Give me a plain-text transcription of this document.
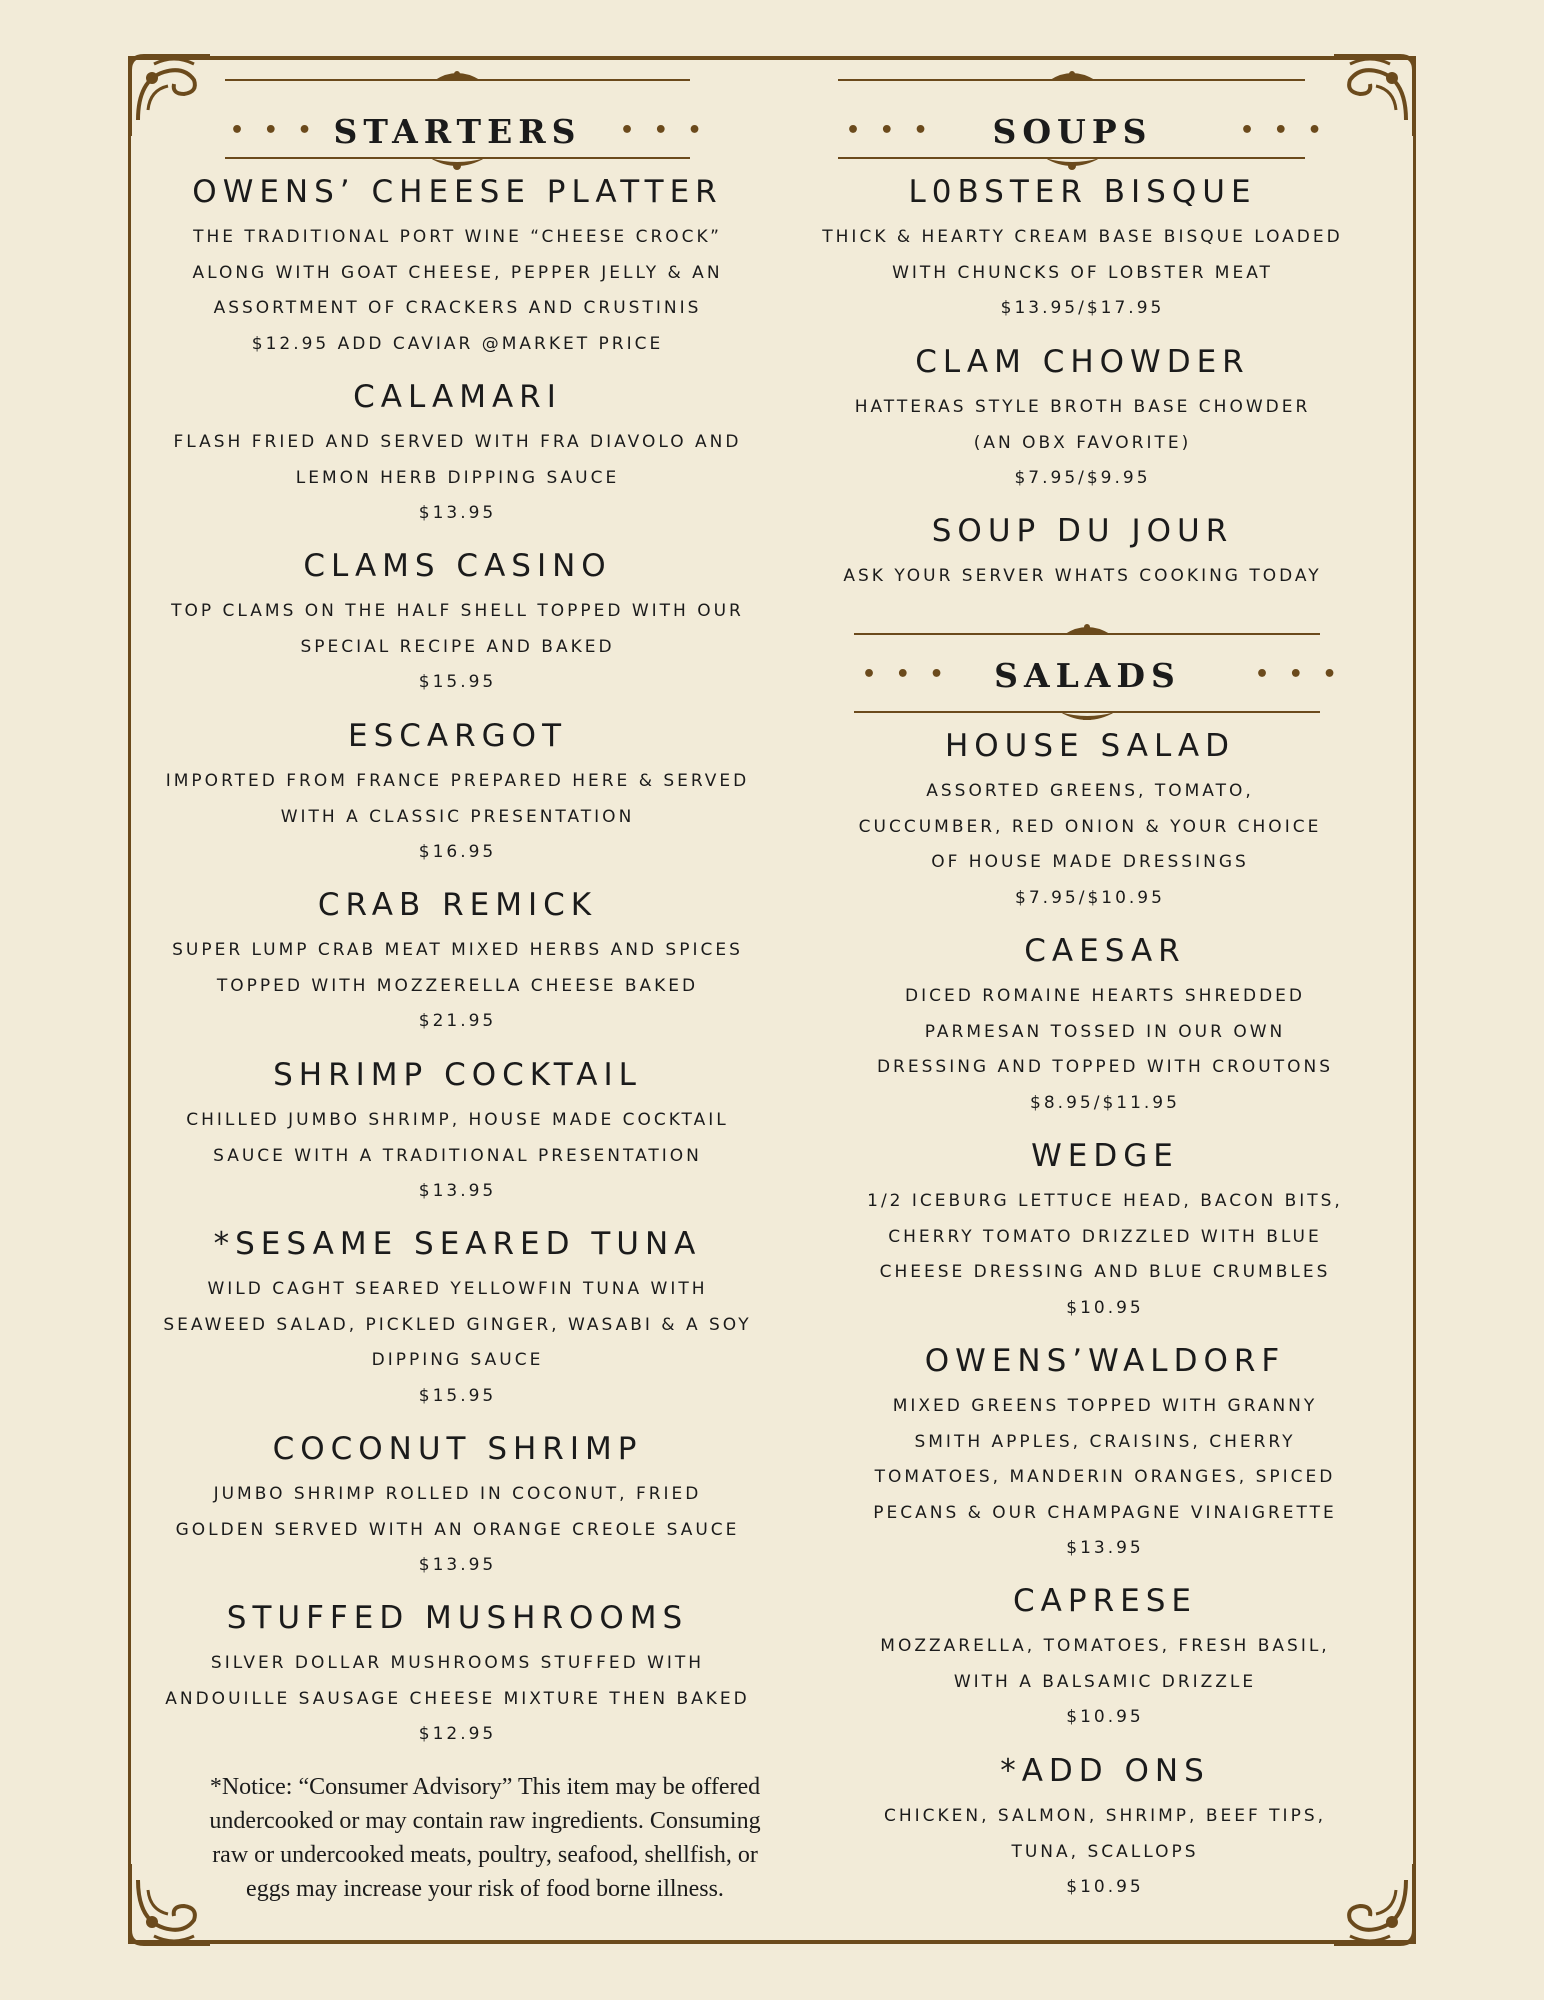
• • • STARTERS	• • •
OWENS’ CHEESE PLATTER
THE TRADITIONAL PORT WINE “CHEESE CROCK”
ALONG WITH GOAT CHEESE, PEPPER JELLY & AN
ASSORTMENT OF CRACKERS AND CRUSTINIS
$12.95 ADD CAVIAR @MARKET PRICE
CALAMARI
FLASH FRIED AND SERVED WITH FRA DIAVOLO AND
LEMON HERB DIPPING SAUCE
$13.95
CLAMS CASINO
TOP CLAMS ON THE HALF SHELL TOPPED WITH OUR
SPECIAL RECIPE AND BAKED
$15.95
ESCARGOT
IMPORTED FROM FRANCE PREPARED HERE & SERVED
WITH A CLASSIC PRESENTATION
$16.95
CRAB REMICK
SUPER LUMP CRAB MEAT MIXED HERBS AND SPICES
TOPPED WITH MOZZERELLA CHEESE BAKED
$21.95
SHRIMP COCKTAIL
CHILLED JUMBO SHRIMP, HOUSE MADE COCKTAIL
SAUCE WITH A TRADITIONAL PRESENTATION
$13.95
*SESAME SEARED TUNA
WILD CAGHT SEARED YELLOWFIN TUNA WITH
SEAWEED SALAD, PICKLED GINGER, WASABI & A SOY
DIPPING SAUCE
$15.95
COCONUT SHRIMP
JUMBO SHRIMP ROLLED IN COCONUT, FRIED
GOLDEN SERVED WITH AN ORANGE CREOLE SAUCE
$13.95
STUFFED MUSHROOMS
SILVER DOLLAR MUSHROOMS STUFFED WITH
ANDOUILLE SAUSAGE CHEESE MIXTURE THEN BAKED
$12.95
*Notice: “Consumer Advisory” This item may be offered
undercooked or may contain raw ingredients. Consuming
raw or undercooked meats, poultry, seafood, shellfish, or
eggs may increase your risk of food borne illness.
• • •	SOUPS	• • •
L0BSTER BISQUE
THICK & HEARTY CREAM BASE BISQUE LOADED
WITH CHUNCKS OF LOBSTER MEAT
$13.95/$17.95
CLAM CHOWDER
HATTERAS STYLE BROTH BASE CHOWDER
(AN OBX FAVORITE)
$7.95/$9.95
SOUP DU JOUR
ASK YOUR SERVER WHATS COOKING TODAY
• • •	SALADS	• • •
HOUSE SALAD
ASSORTED GREENS, TOMATO,
CUCCUMBER, RED ONION & YOUR CHOICE
OF HOUSE MADE DRESSINGS
$7.95/$10.95
CAESAR
DICED ROMAINE HEARTS SHREDDED
PARMESAN TOSSED IN OUR OWN
DRESSING AND TOPPED WITH CROUTONS
$8.95/$11.95
WEDGE
1/2 ICEBURG LETTUCE HEAD, BACON BITS,
CHERRY TOMATO DRIZZLED WITH BLUE
CHEESE DRESSING AND BLUE CRUMBLES
$10.95
OWENS’WALDORF
MIXED GREENS TOPPED WITH GRANNY
SMITH APPLES, CRAISINS, CHERRY
TOMATOES, MANDERIN ORANGES, SPICED
PECANS & OUR CHAMPAGNE VINAIGRETTE
$13.95
CAPRESE
MOZZARELLA, TOMATOES, FRESH BASIL,
WITH A BALSAMIC DRIZZLE
$10.95
*ADD ONS
CHICKEN, SALMON, SHRIMP, BEEF TIPS,
TUNA, SCALLOPS
$10.95
